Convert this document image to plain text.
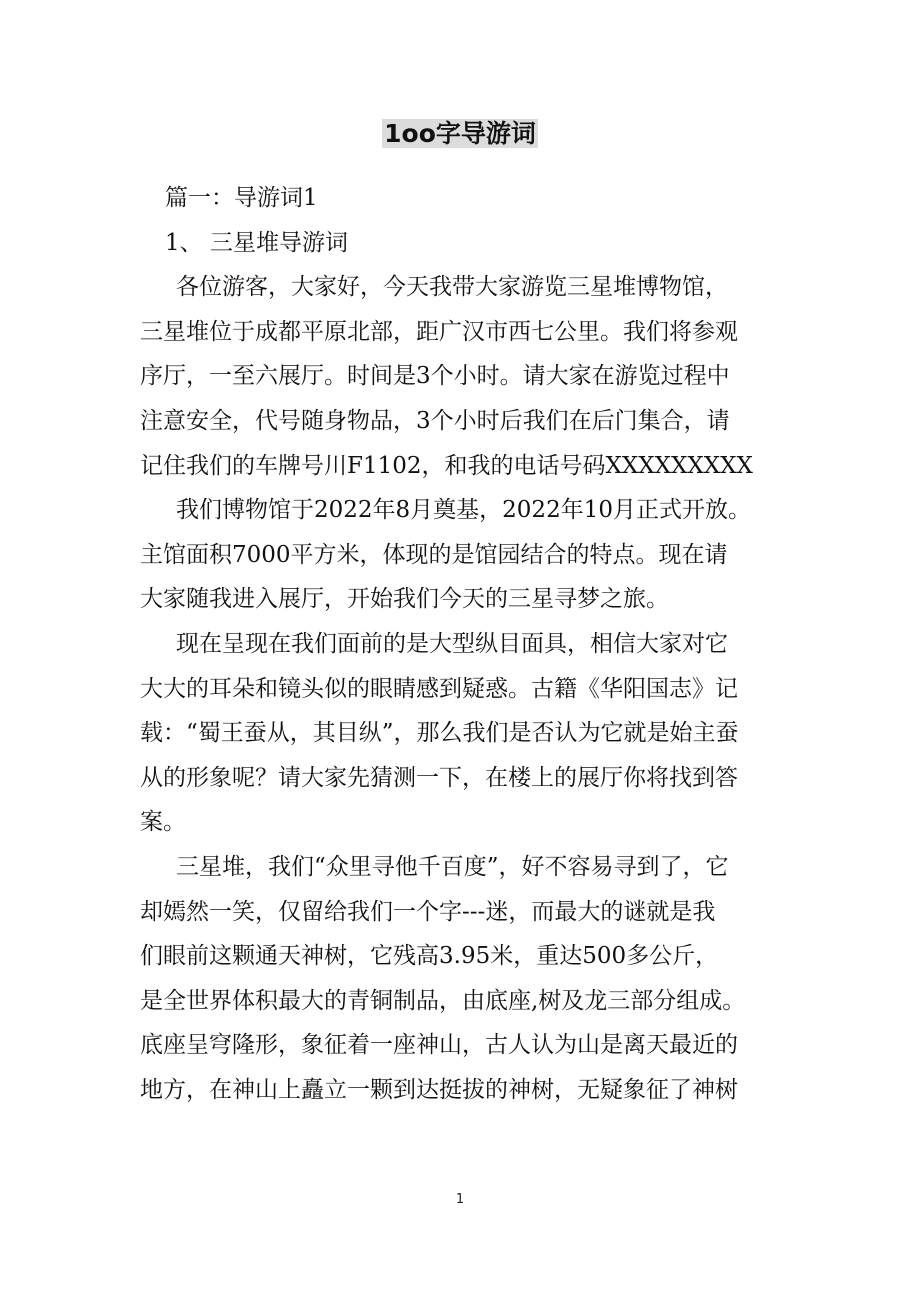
1oo字导游词
篇一：导游词1
1、 三星堆导游词
各位游客，大家好，今天我带大家游览三星堆博物馆，
三星堆位于成都平原北部，距广汉市西七公里。我们将参观
序厅，一至六展厅。时间是3个小时。请大家在游览过程中
注意安全，代号随身物品，3个小时后我们在后门集合，请
记住我们的车牌号川F1102，和我的电话号码XXXXXXXXX
我们博物馆于2022年8月奠基，2022年10月正式开放。
主馆面积7000平方米，体现的是馆园结合的特点。现在请
大家随我进入展厅，开始我们今天的三星寻梦之旅。
现在呈现在我们面前的是大型纵目面具，相信大家对它
大大的耳朵和镜头似的眼睛感到疑惑。古籍《华阳国志》记
载：“蜀王蚕从，其目纵”，那么我们是否认为它就是始主蚕
从的形象呢？请大家先猜测一下，在楼上的展厅你将找到答
案。
三星堆，我们“众里寻他千百度”，好不容易寻到了，它
却嫣然一笑，仅留给我们一个字---迷，而最大的谜就是我
们眼前这颗通天神树，它残高3.95米，重达500多公斤，
是全世界体积最大的青铜制品，由底座,树及龙三部分组成。
底座呈穹隆形，象征着一座神山，古人认为山是离天最近的
地方，在神山上矗立一颗到达挺拔的神树，无疑象征了神树
1
